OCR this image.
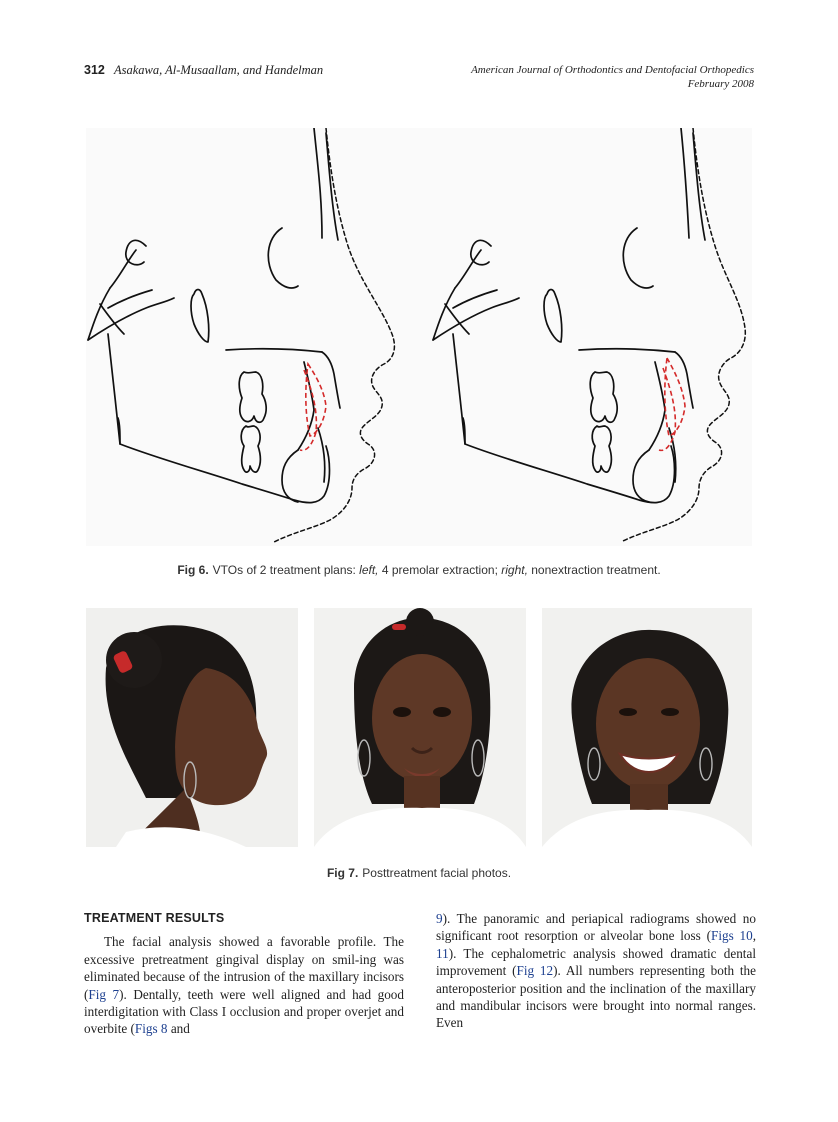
312 Asakawa, Al-Musaallam, and Handelman	American Journal of Orthodontics and Dentofacial Orthopedics
February 2008
Fig 6. VTOs of 2 treatment plans: left, 4 premolar extraction; right, nonextraction treatment.
Fig 7. Posttreatment facial photos.
TREATMENT RESULTS

The facial analysis showed a favorable profile. The excessive pretreatment gingival display on smil-ing was eliminated because of the intrusion of the maxillary incisors (Fig 7). Dentally, teeth were well aligned and had good interdigitation with Class I occlusion and proper overjet and overbite (Figs 8 and

9). The panoramic and periapical radiograms showed no significant root resorption or alveolar bone loss (Figs 10, 11). The cephalometric analysis showed dramatic dental improvement (Fig 12). All numbers representing both the anteroposterior position and the inclination of the maxillary and mandibular incisors were brought into normal ranges. Even
